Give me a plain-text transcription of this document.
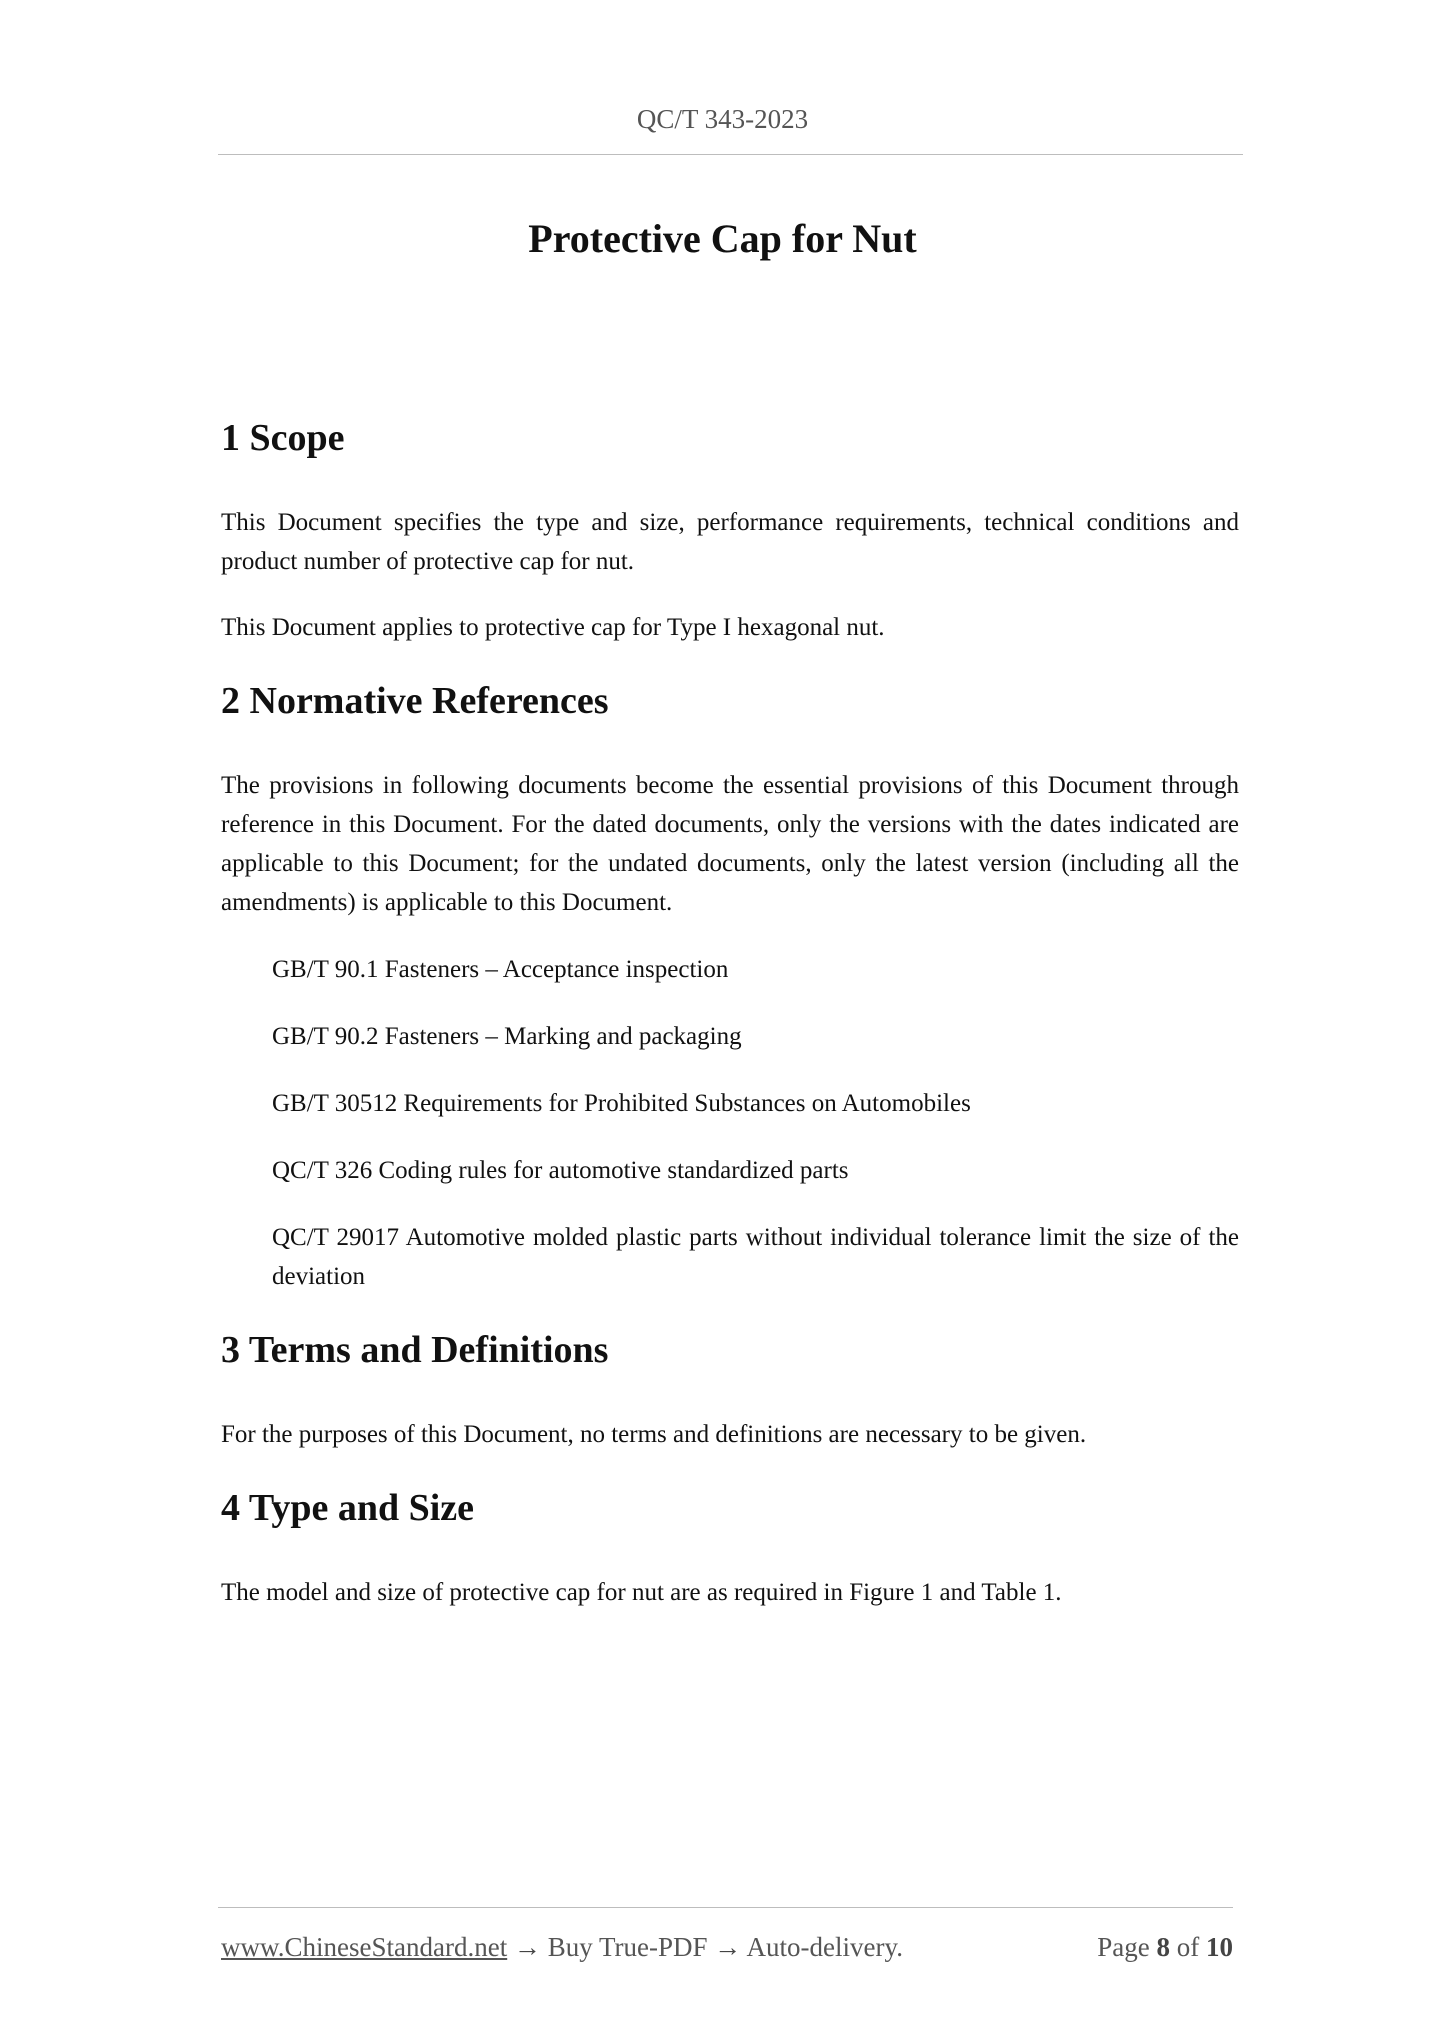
QC/T 343-2023
Protective Cap for Nut
1 Scope

This Document specifies the type and size, performance requirements, technical conditions and product number of protective cap for nut.

This Document applies to protective cap for Type I hexagonal nut.

2 Normative References

The provisions in following documents become the essential provisions of this Document through reference in this Document. For the dated documents, only the versions with the dates indicated are applicable to this Document; for the undated documents, only the latest version (including all the amendments) is applicable to this Document.

GB/T 90.1 Fasteners – Acceptance inspection

GB/T 90.2 Fasteners – Marking and packaging

GB/T 30512 Requirements for Prohibited Substances on Automobiles

QC/T 326 Coding rules for automotive standardized parts

QC/T 29017 Automotive molded plastic parts without individual tolerance limit the size of the deviation

3 Terms and Definitions

For the purposes of this Document, no terms and definitions are necessary to be given.

4 Type and Size

The model and size of protective cap for nut are as required in Figure 1 and Table 1.

www.ChineseStandard.net → Buy True-PDF → Auto-delivery.	Page 8 of 10
